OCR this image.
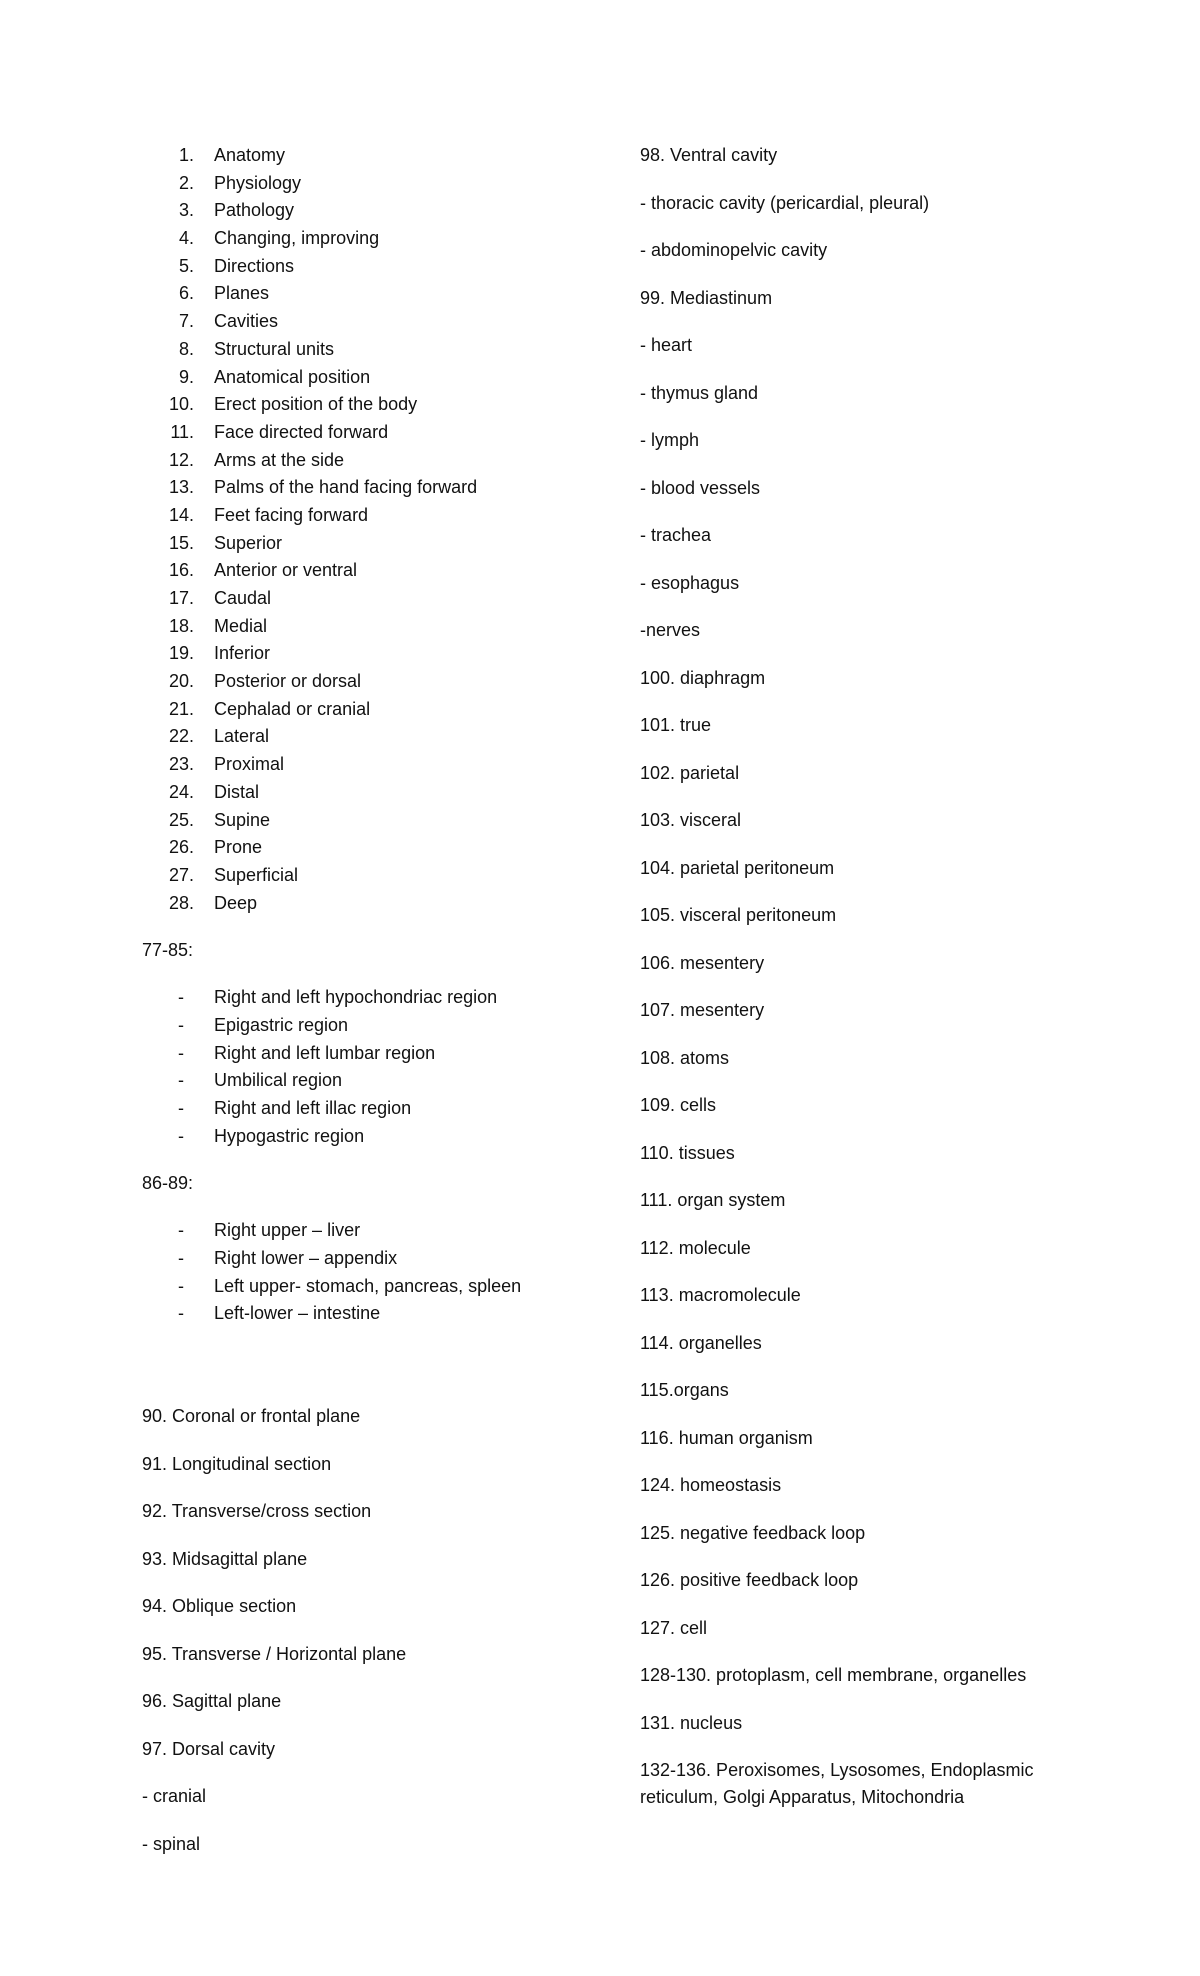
1. Anatomy
2. Physiology
3. Pathology
4. Changing, improving
5. Directions
6. Planes
7. Cavities
8. Structural units
9. Anatomical position
10. Erect position of the body
11. Face directed forward
12. Arms at the side
13. Palms of the hand facing forward
14. Feet facing forward
15. Superior
16. Anterior or ventral
17. Caudal
18. Medial
19. Inferior
20. Posterior or dorsal
21. Cephalad or cranial
22. Lateral
23. Proximal
24. Distal
25. Supine
26. Prone
27. Superficial
28. Deep

77-85:

- Right and left hypochondriac region
- Epigastric region
- Right and left lumbar region
- Umbilical region
- Right and left illac region
- Hypogastric region

86-89:

- Right upper – liver
- Right lower – appendix
- Left upper- stomach, pancreas, spleen
- Left-lower – intestine

90. Coronal or frontal plane

91. Longitudinal section

92. Transverse/cross section

93. Midsagittal plane

94. Oblique section

95. Transverse / Horizontal plane

96. Sagittal plane

97. Dorsal cavity

- cranial

- spinal

98. Ventral cavity

- thoracic cavity (pericardial, pleural)

- abdominopelvic cavity

99. Mediastinum

- heart

- thymus gland

- lymph

- blood vessels

- trachea

- esophagus

-nerves

100. diaphragm

101. true

102. parietal

103. visceral

104. parietal peritoneum

105. visceral peritoneum

106. mesentery

107. mesentery

108. atoms

109. cells

110. tissues

111. organ system

112. molecule

113. macromolecule

114. organelles

115.organs

116. human organism

124. homeostasis

125. negative feedback loop

126. positive feedback loop

127. cell

128-130. protoplasm, cell membrane, organelles

131. nucleus

132-136. Peroxisomes, Lysosomes, Endoplasmic reticulum, Golgi Apparatus, Mitochondria
